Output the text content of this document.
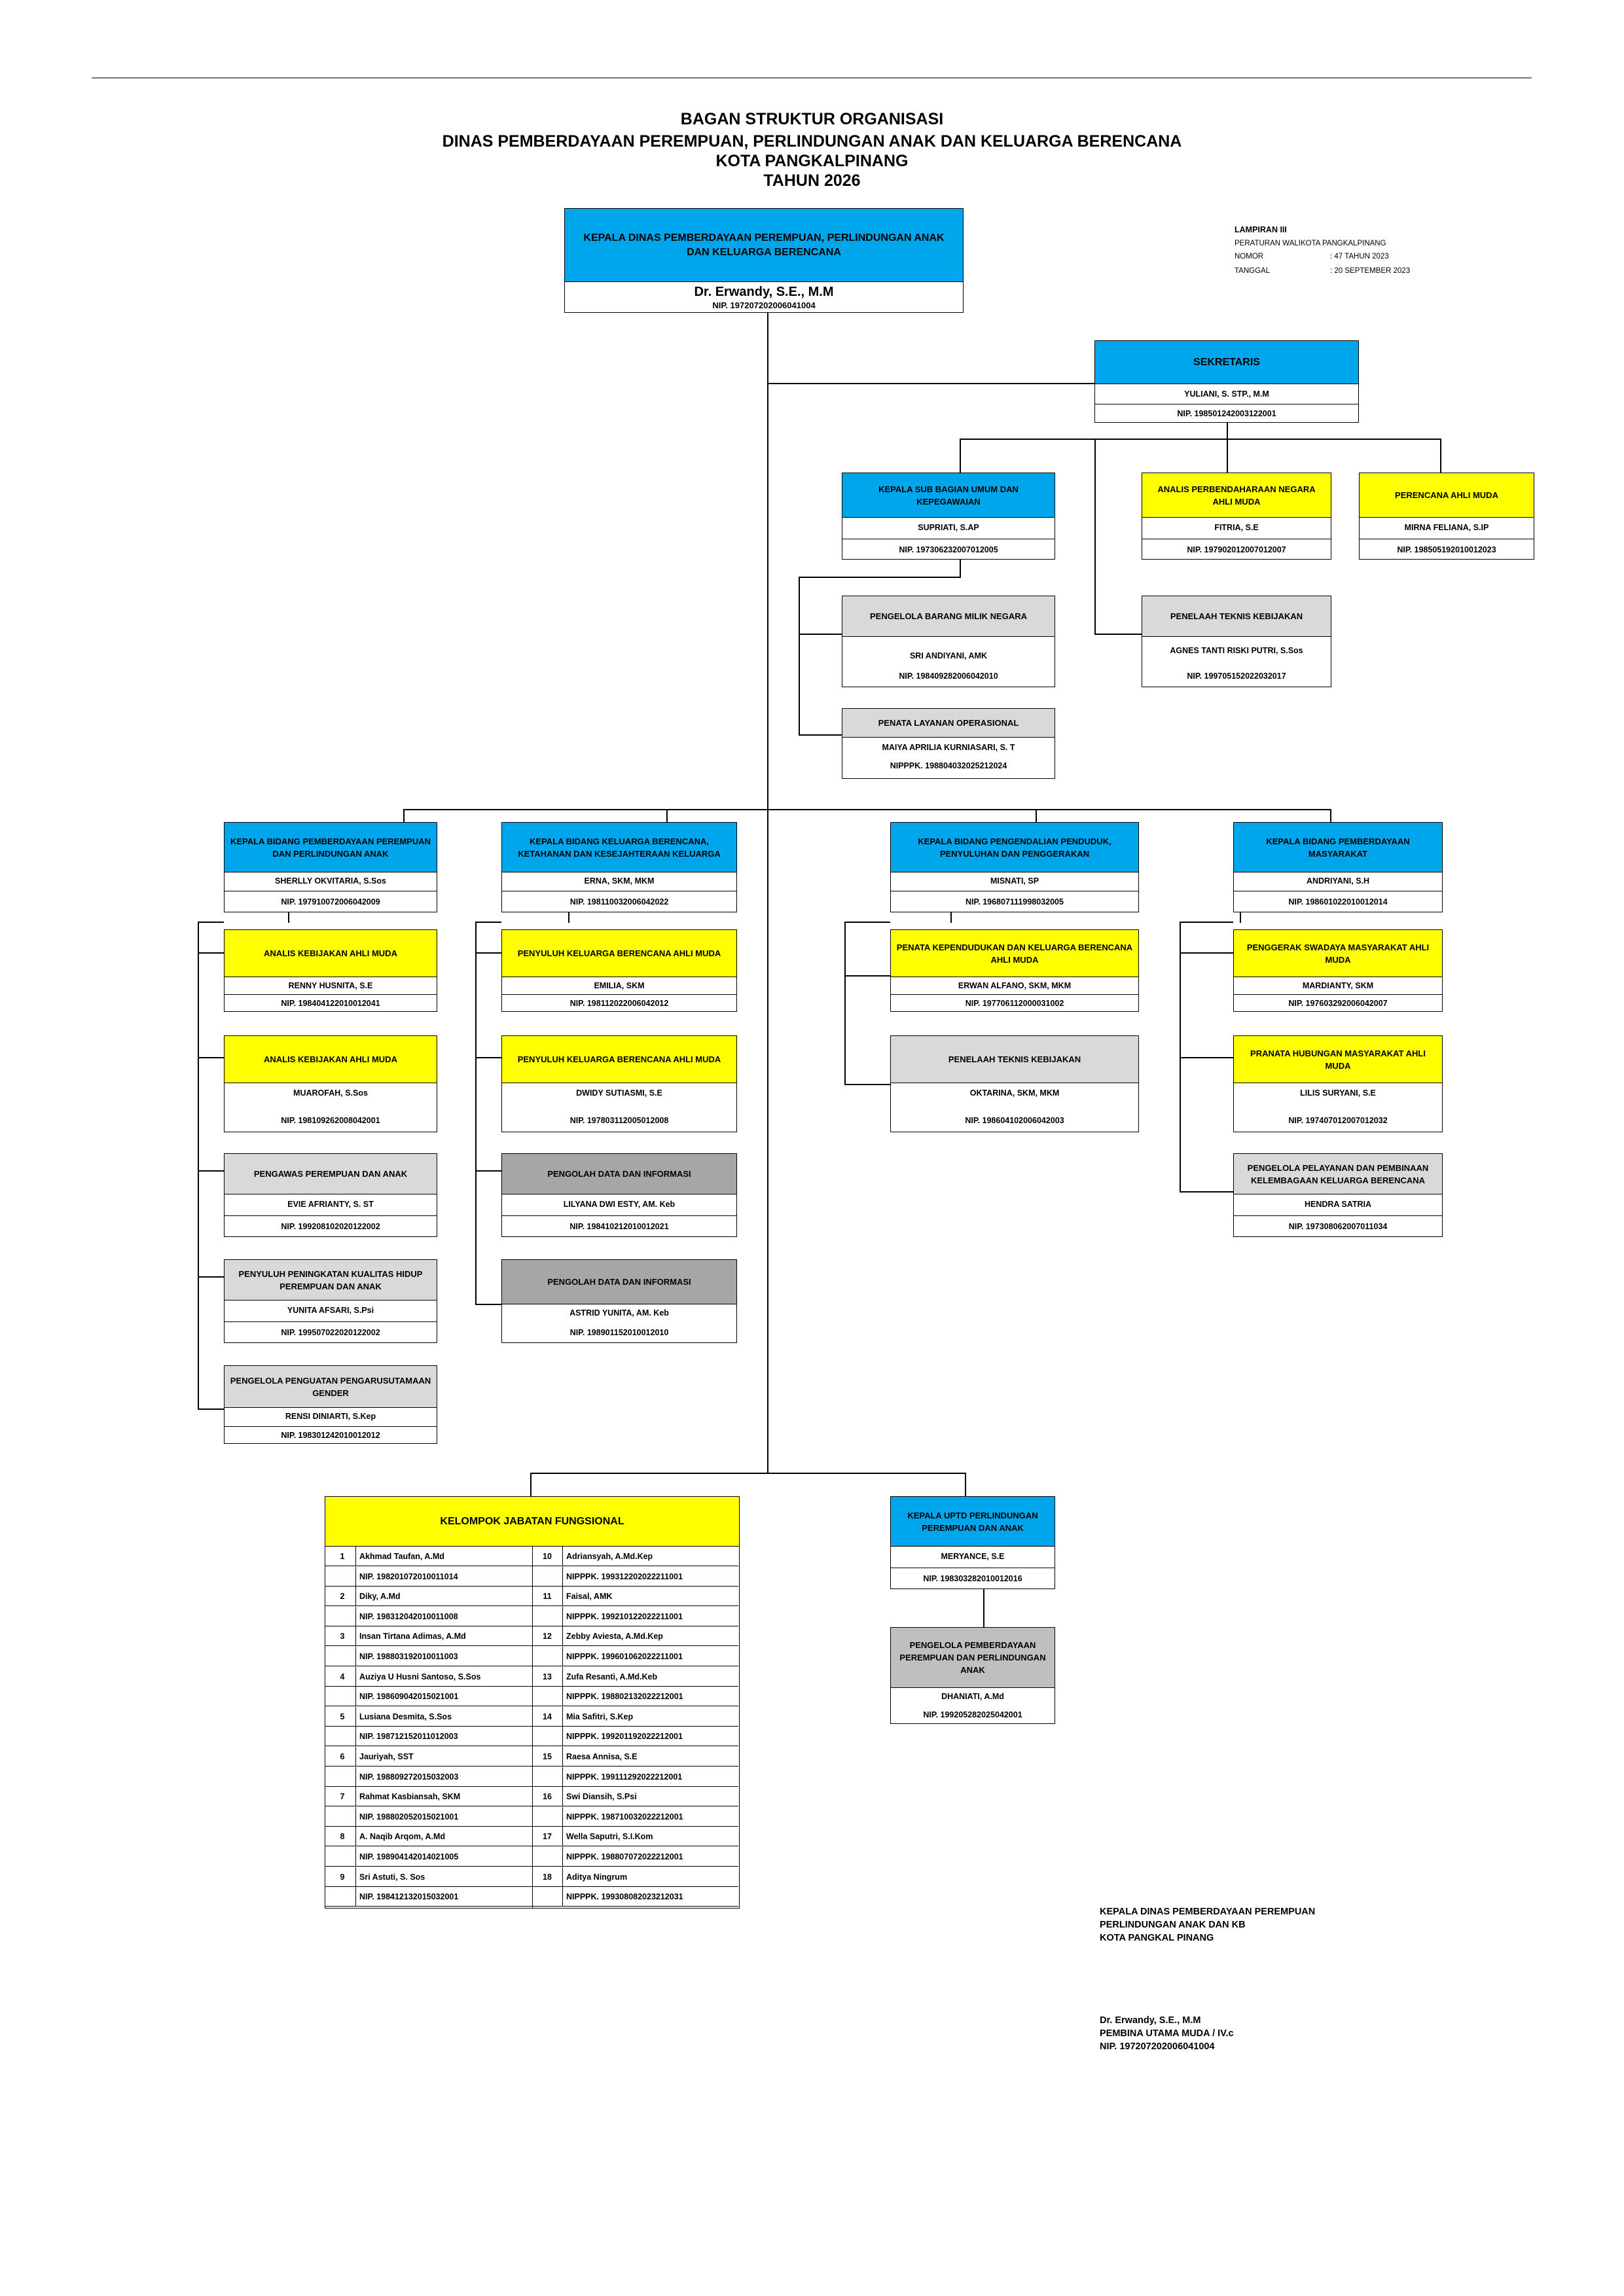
BAGAN STRUKTUR ORGANISASI
DINAS PEMBERDAYAAN PEREMPUAN, PERLINDUNGAN ANAK DAN KELUARGA BERENCANA
KOTA PANGKALPINANG
TAHUN 2026
LAMPIRAN III
PERATURAN WALIKOTA PANGKALPINANG
NOMOR	: 47 TAHUN 2023
TANGGAL	: 20 SEPTEMBER 2023
KEPALA DINAS PEMBERDAYAAN PEREMPUAN, PERLINDUNGAN ANAK DAN KELUARGA BERENCANA
Dr. Erwandy, S.E., M.M
NIP. 197207202006041004
SEKRETARIS
YULIANI, S. STP., M.M
NIP. 198501242003122001
KEPALA SUB BAGIAN UMUM DAN KEPEGAWAIAN
SUPRIATI, S.AP
NIP. 197306232007012005
ANALIS PERBENDAHARAAN NEGARA AHLI MUDA
FITRIA, S.E
NIP. 197902012007012007
PERENCANA AHLI MUDA
MIRNA FELIANA, S.IP
NIP. 198505192010012023
PENGELOLA BARANG MILIK NEGARA
SRI ANDIYANI, AMK
NIP. 198409282006042010
PENELAAH TEKNIS KEBIJAKAN
AGNES TANTI RISKI PUTRI, S.Sos
NIP. 199705152022032017
PENATA LAYANAN OPERASIONAL
MAIYA APRILIA KURNIASARI, S. T
NIPPPK. 198804032025212024
KEPALA BIDANG PEMBERDAYAAN PEREMPUAN DAN PERLINDUNGAN ANAK
SHERLLY OKVITARIA, S.Sos
NIP. 197910072006042009
KEPALA BIDANG KELUARGA BERENCANA, KETAHANAN DAN KESEJAHTERAAN KELUARGA
ERNA, SKM, MKM
NIP. 198110032006042022
KEPALA BIDANG PENGENDALIAN PENDUDUK, PENYULUHAN DAN PENGGERAKAN
MISNATI, SP
NIP. 196807111998032005
KEPALA BIDANG PEMBERDAYAAN MASYARAKAT
ANDRIYANI, S.H
NIP. 198601022010012014
ANALIS KEBIJAKAN AHLI MUDA
RENNY HUSNITA, S.E
NIP. 198404122010012041
ANALIS KEBIJAKAN AHLI MUDA
MUAROFAH, S.Sos
NIP. 198109262008042001
PENGAWAS PEREMPUAN DAN ANAK
EVIE AFRIANTY, S. ST
NIP. 199208102020122002
PENYULUH PENINGKATAN KUALITAS HIDUP PEREMPUAN DAN ANAK
YUNITA AFSARI, S.Psi
NIP. 199507022020122002
PENGELOLA PENGUATAN PENGARUSUTAMAAN GENDER
RENSI DINIARTI, S.Kep
NIP. 198301242010012012
PENYULUH KELUARGA BERENCANA AHLI MUDA
EMILIA, SKM
NIP. 198112022006042012
PENYULUH KELUARGA BERENCANA AHLI MUDA
DWIDY SUTIASMI, S.E
NIP. 197803112005012008
PENGOLAH DATA DAN INFORMASI
LILYANA DWI ESTY, AM. Keb
NIP. 198410212010012021
PENGOLAH DATA DAN INFORMASI
ASTRID YUNITA, AM. Keb
NIP. 198901152010012010
PENATA KEPENDUDUKAN DAN KELUARGA BERENCANA AHLI MUDA
ERWAN ALFANO, SKM, MKM
NIP. 197706112000031002
PENELAAH TEKNIS KEBIJAKAN
OKTARINA, SKM, MKM
NIP. 198604102006042003
PENGGERAK SWADAYA MASYARAKAT AHLI MUDA
MARDIANTY, SKM
NIP. 197603292006042007
PRANATA HUBUNGAN MASYARAKAT AHLI MUDA
LILIS SURYANI, S.E
NIP. 197407012007012032
PENGELOLA PELAYANAN DAN PEMBINAAN KELEMBAGAAN KELUARGA BERENCANA
HENDRA SATRIA
NIP. 197308062007011034
KELOMPOK JABATAN FUNGSIONAL
1	Akhmad Taufan, A.Md	10	Adriansyah, A.Md.Kep
NIP. 198201072010011014	NIPPPK. 199312202022211001
2	Diky, A.Md	11	Faisal, AMK
NIP. 198312042010011008	NIPPPK. 199210122022211001
3	Insan Tirtana Adimas, A.Md	12	Zebby Aviesta, A.Md.Kep
NIP. 198803192010011003	NIPPPK. 199601062022211001
4	Auziya U Husni Santoso, S.Sos	13	Zufa Resanti, A.Md.Keb
NIP. 198609042015021001	NIPPPK. 198802132022212001
5	Lusiana Desmita, S.Sos	14	Mia Safitri, S.Kep
NIP. 198712152011012003	NIPPPK. 199201192022212001
6	Jauriyah, SST	15	Raesa Annisa, S.E
NIP. 198809272015032003	NIPPPK. 199111292022212001
7	Rahmat Kasbiansah, SKM	16	Swi Diansih, S.Psi
NIP. 198802052015021001	NIPPPK. 198710032022212001
8	A. Naqib Arqom, A.Md	17	Wella Saputri, S.I.Kom
NIP. 198904142014021005	NIPPPK. 198807072022212001
9	Sri Astuti, S. Sos	18	Aditya Ningrum
NIP. 198412132015032001	NIPPPK. 199308082023212031
KEPALA UPTD PERLINDUNGAN PEREMPUAN DAN ANAK
MERYANCE, S.E
NIP. 198303282010012016
PENGELOLA PEMBERDAYAAN PEREMPUAN DAN PERLINDUNGAN ANAK
DHANIATI, A.Md
NIP. 199205282025042001
KEPALA DINAS PEMBERDAYAAN PEREMPUAN
PERLINDUNGAN ANAK DAN KB
KOTA PANGKAL PINANG
Dr. Erwandy, S.E., M.M
PEMBINA UTAMA MUDA / IV.c
NIP. 197207202006041004
